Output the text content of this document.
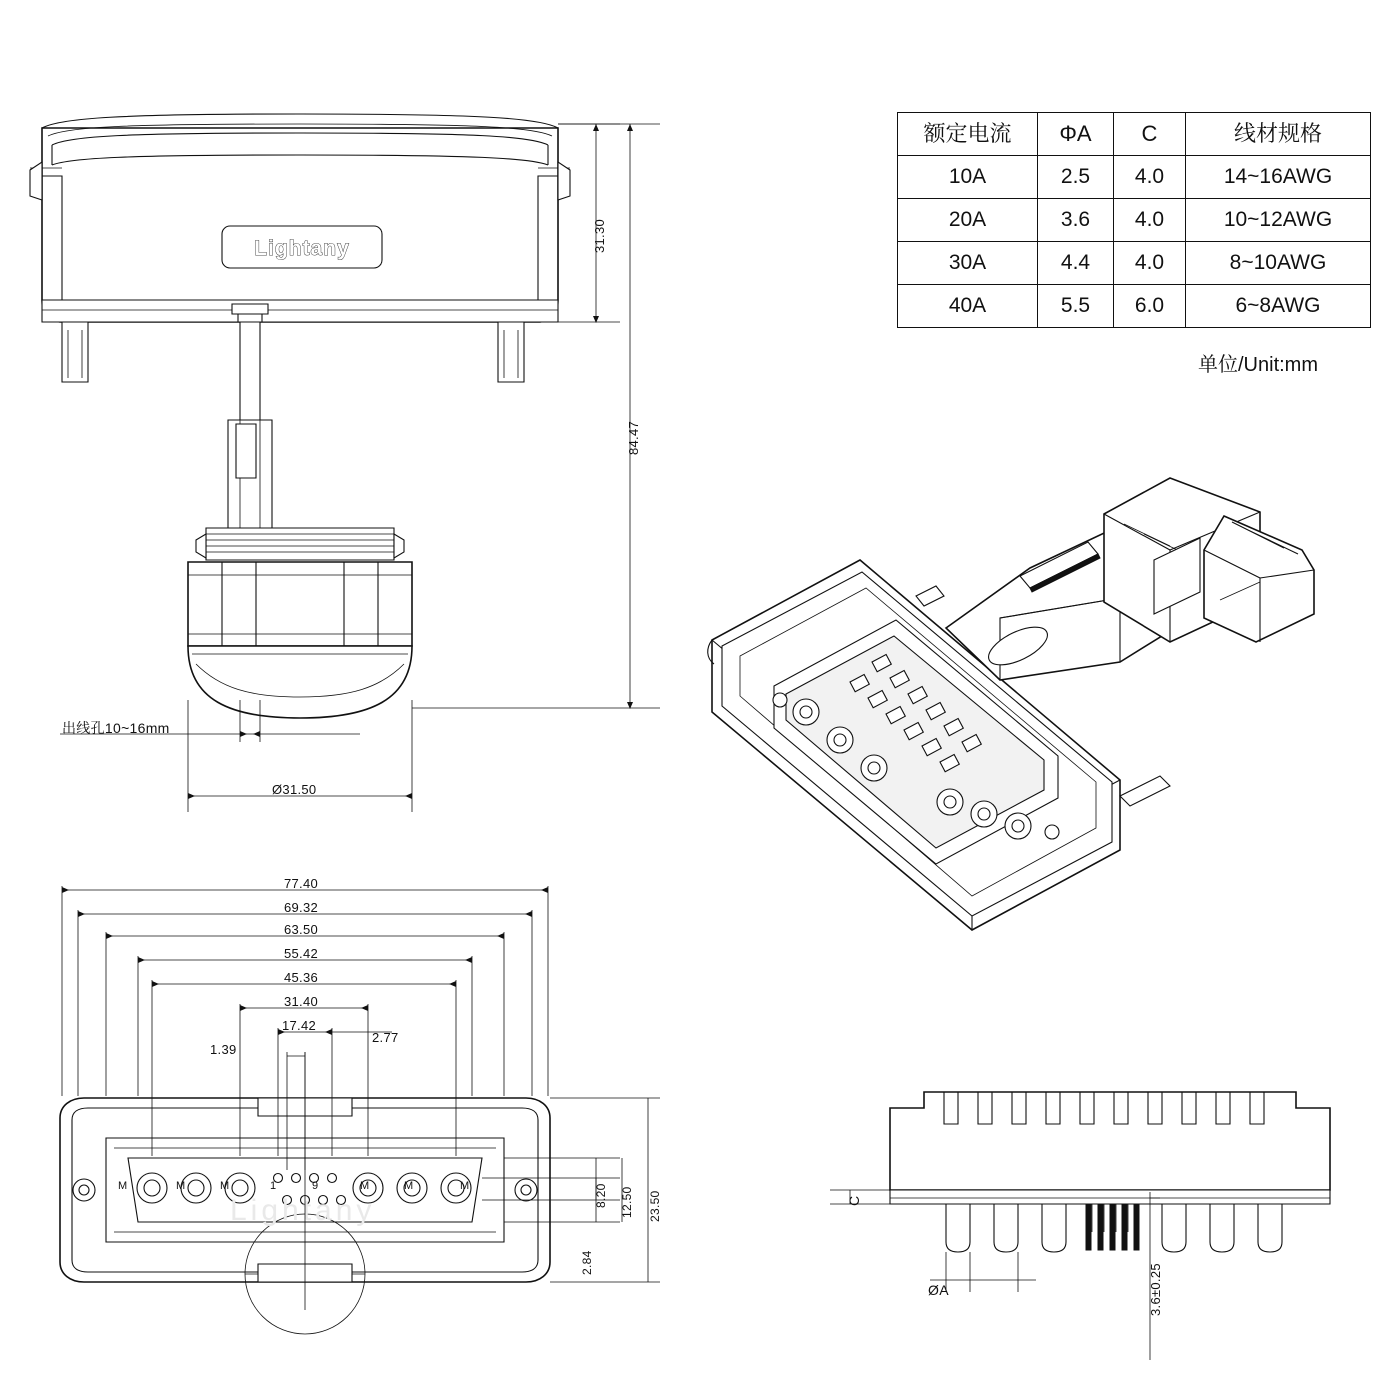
额定电流	ΦA	C	线材规格
10A	2.5	4.0	14~16AWG
20A	3.6	4.0	10~12AWG
30A	4.4	4.0	8~10AWG
40A	5.5	6.0	6~8AWG
单位/Unit:mm
Lightany	31.30
84.47
Ø31.50
出线孔10~16mm
Lightany
77.40
69.32
63.50
55.42
45.36
31.40
17.42
2.77
1.39
8.20 12.50 23.50
2.84
M	M	M	1	9	M	M	M
C
ØA	3.6±0.25
